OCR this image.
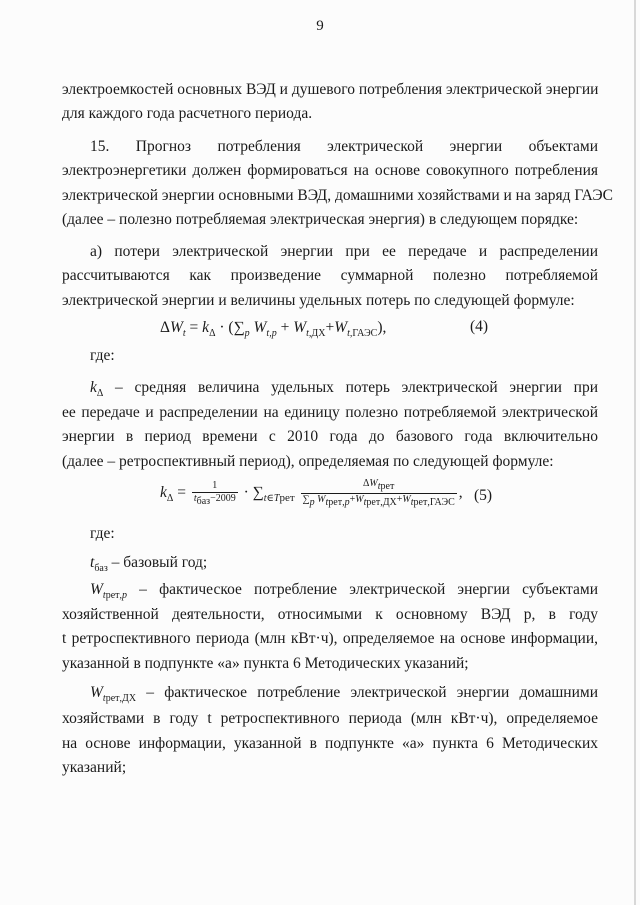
9
электроемкостей основных ВЭД и душевого потребления электрической энергии
для каждого года расчетного периода.
15. Прогноз потребления электрической энергии объектами
электроэнергетики должен формироваться на основе совокупного потребления
электрической энергии основными ВЭД, домашними хозяйствами и на заряд ГАЭС
(далее – полезно потребляемая электрическая энергия) в следующем порядке:
а) потери электрической энергии при ее передаче и распределении
рассчитываются как произведение суммарной полезно потребляемой
электрической энергии и величины удельных потерь по следующей формуле:
$\Delta W_t = k_\Delta \cdot (\sum_p$ $W_{t,p} + W_{t,ДХ}+W_{t,ГАЭС}$),	(4)
где:
$k_\Delta$ – средняя величина удельных потерь электрической энергии при
ее передаче и распределении на единицу полезно потребляемой электрической
энергии в период времени с 2010 года до базового года включительно
(далее – ретроспективный период), определяемая по следующей формуле:
$k_\Delta = \frac{1}{t_{баз}-2009} \cdot \sum_{t\in Tрет} \frac{\Delta W_{tрет}}{\sum_p W_{tрет,p}+W_{tрет,ДХ}+W_{tрет,ГАЭС}}$ , (5)
где:
$t_{баз}$ – базовый год;
$W_{tрет,p}$ – фактическое потребление электрической энергии субъектами
хозяйственной деятельности, относимыми к основному ВЭД p, в году
t ретроспективного периода (млн кВт·ч), определяемое на основе информации,
указанной в подпункте «а» пункта 6 Методических указаний;
$W_{tрет,ДХ}$ – фактическое потребление электрической энергии домашними
хозяйствами в году t ретроспективного периода (млн кВт·ч), определяемое
на основе информации, указанной в подпункте «а» пункта 6 Методических
указаний;
